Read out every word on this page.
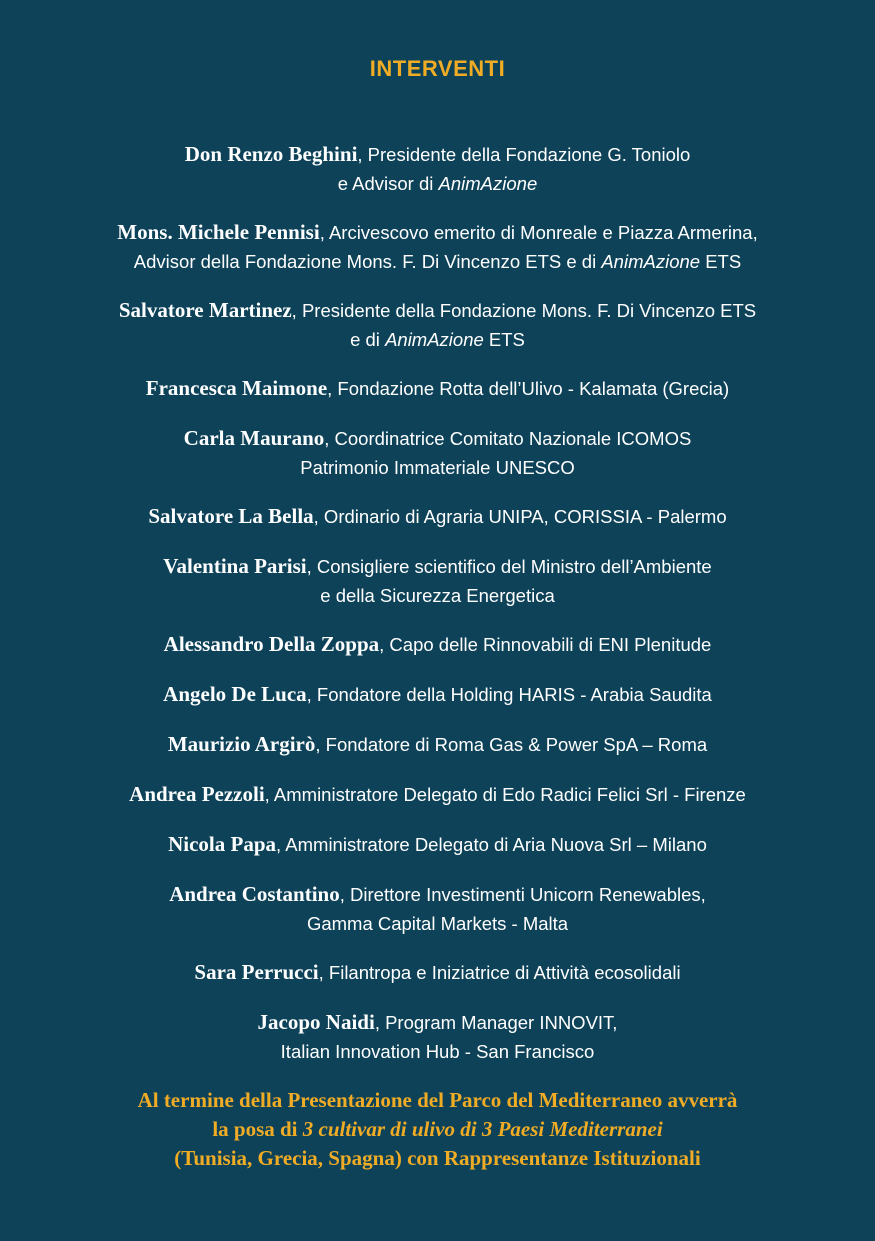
INTERVENTI
Don Renzo Beghini, Presidente della Fondazione G. Toniolo
e Advisor di AnimAzione
Mons. Michele Pennisi, Arcivescovo emerito di Monreale e Piazza Armerina,
Advisor della Fondazione Mons. F. Di Vincenzo ETS e di AnimAzione ETS
Salvatore Martinez, Presidente della Fondazione Mons. F. Di Vincenzo ETS
e di AnimAzione ETS
Francesca Maimone, Fondazione Rotta dell’Ulivo - Kalamata (Grecia)
Carla Maurano, Coordinatrice Comitato Nazionale ICOMOS
Patrimonio Immateriale UNESCO
Salvatore La Bella, Ordinario di Agraria UNIPA, CORISSIA - Palermo
Valentina Parisi, Consigliere scientifico del Ministro dell’Ambiente
e della Sicurezza Energetica
Alessandro Della Zoppa, Capo delle Rinnovabili di ENI Plenitude
Angelo De Luca, Fondatore della Holding HARIS - Arabia Saudita
Maurizio Argirò, Fondatore di Roma Gas & Power SpA – Roma
Andrea Pezzoli, Amministratore Delegato di Edo Radici Felici Srl - Firenze
Nicola Papa, Amministratore Delegato di Aria Nuova Srl – Milano
Andrea Costantino, Direttore Investimenti Unicorn Renewables,
Gamma Capital Markets - Malta
Sara Perrucci, Filantropa e Iniziatrice di Attività ecosolidali
Jacopo Naidi, Program Manager INNOVIT,
Italian Innovation Hub - San Francisco
Al termine della Presentazione del Parco del Mediterraneo avverrà
la posa di 3 cultivar di ulivo di 3 Paesi Mediterranei
(Tunisia, Grecia, Spagna) con Rappresentanze Istituzionali
